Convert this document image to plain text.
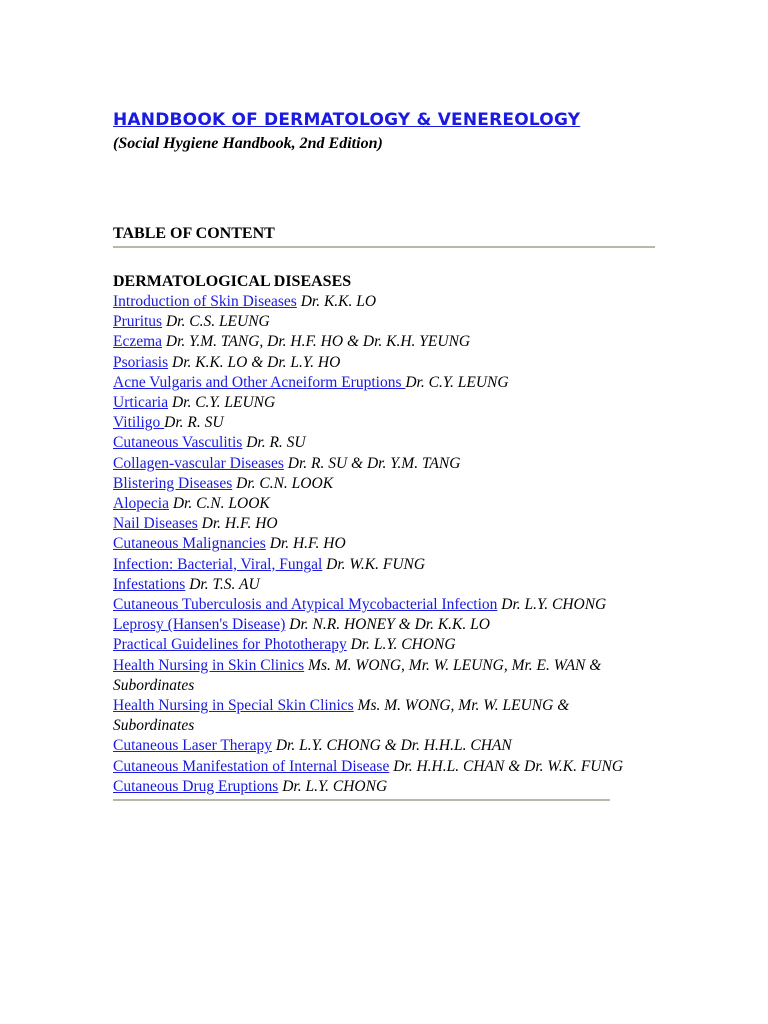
HANDBOOK OF DERMATOLOGY & VENEREOLOGY
(Social Hygiene Handbook, 2nd Edition)
TABLE OF CONTENT
DERMATOLOGICAL DISEASES
Introduction of Skin Diseases Dr. K.K. LO
Pruritus Dr. C.S. LEUNG
Eczema Dr. Y.M. TANG, Dr. H.F. HO & Dr. K.H. YEUNG
Psoriasis Dr. K.K. LO & Dr. L.Y. HO
Acne Vulgaris and Other Acneiform Eruptions Dr. C.Y. LEUNG
Urticaria Dr. C.Y. LEUNG
Vitiligo Dr. R. SU
Cutaneous Vasculitis Dr. R. SU
Collagen-vascular Diseases Dr. R. SU & Dr. Y.M. TANG
Blistering Diseases Dr. C.N. LOOK
Alopecia Dr. C.N. LOOK
Nail Diseases Dr. H.F. HO
Cutaneous Malignancies Dr. H.F. HO
Infection: Bacterial, Viral, Fungal Dr. W.K. FUNG
Infestations Dr. T.S. AU
Cutaneous Tuberculosis and Atypical Mycobacterial Infection Dr. L.Y. CHONG
Leprosy (Hansen's Disease) Dr. N.R. HONEY & Dr. K.K. LO
Practical Guidelines for Phototherapy Dr. L.Y. CHONG
Health Nursing in Skin Clinics Ms. M. WONG, Mr. W. LEUNG, Mr. E. WAN & Subordinates
Health Nursing in Special Skin Clinics Ms. M. WONG, Mr. W. LEUNG & Subordinates
Cutaneous Laser Therapy Dr. L.Y. CHONG & Dr. H.H.L. CHAN
Cutaneous Manifestation of Internal Disease Dr. H.H.L. CHAN & Dr. W.K. FUNG
Cutaneous Drug Eruptions Dr. L.Y. CHONG
